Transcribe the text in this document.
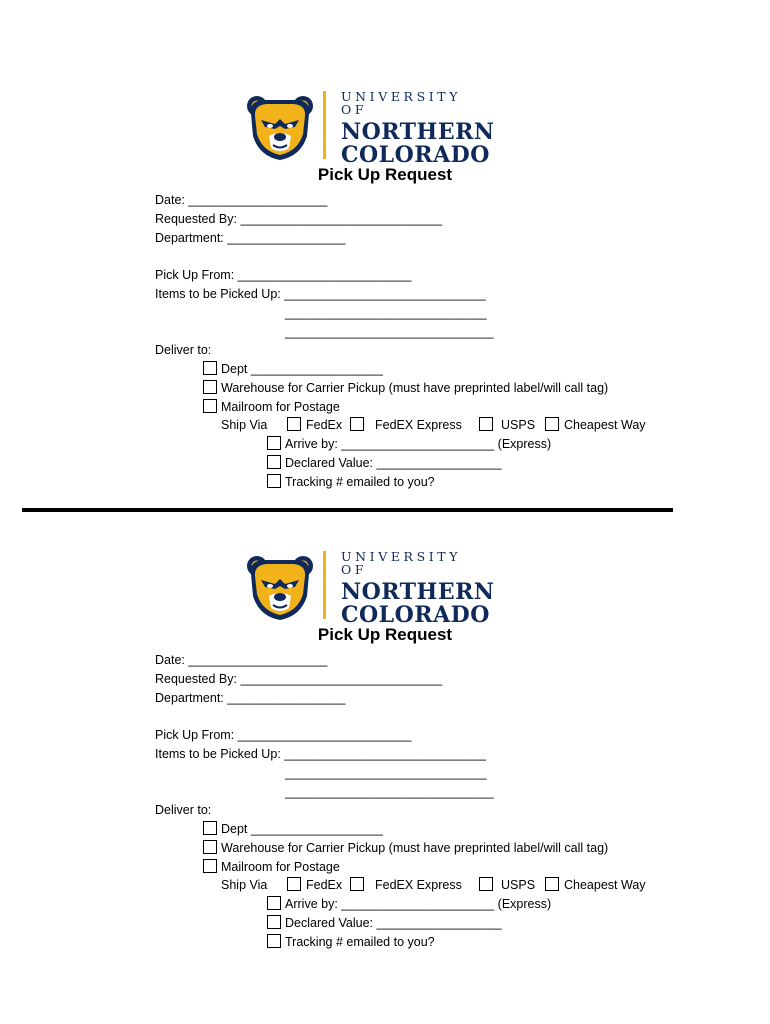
UNIVERSITY OF
NORTHERN
COLORADO
Pick Up Request
Date: ____________________
Requested By: _____________________________
Department: _________________
Pick Up From: _________________________
Items to be Picked Up: _____________________________
_____________________________
______________________________
Deliver to:
Dept ___________________
Warehouse for Carrier Pickup (must have preprinted label/will call tag)
Mailroom for Postage
Ship Via	FedEx	FedEX Express	USPS Cheapest Way
Arrive by: ______________________ (Express)
Declared Value: __________________
Tracking # emailed to you?
UNIVERSITY OF
NORTHERN
COLORADO
Pick Up Request
Date: ____________________
Requested By: _____________________________
Department: _________________
Pick Up From: _________________________
Items to be Picked Up: _____________________________
_____________________________
______________________________
Deliver to:
Dept ___________________
Warehouse for Carrier Pickup (must have preprinted label/will call tag)
Mailroom for Postage
Ship Via	FedEx	FedEX Express	USPS Cheapest Way
Arrive by: ______________________ (Express)
Declared Value: __________________
Tracking # emailed to you?
